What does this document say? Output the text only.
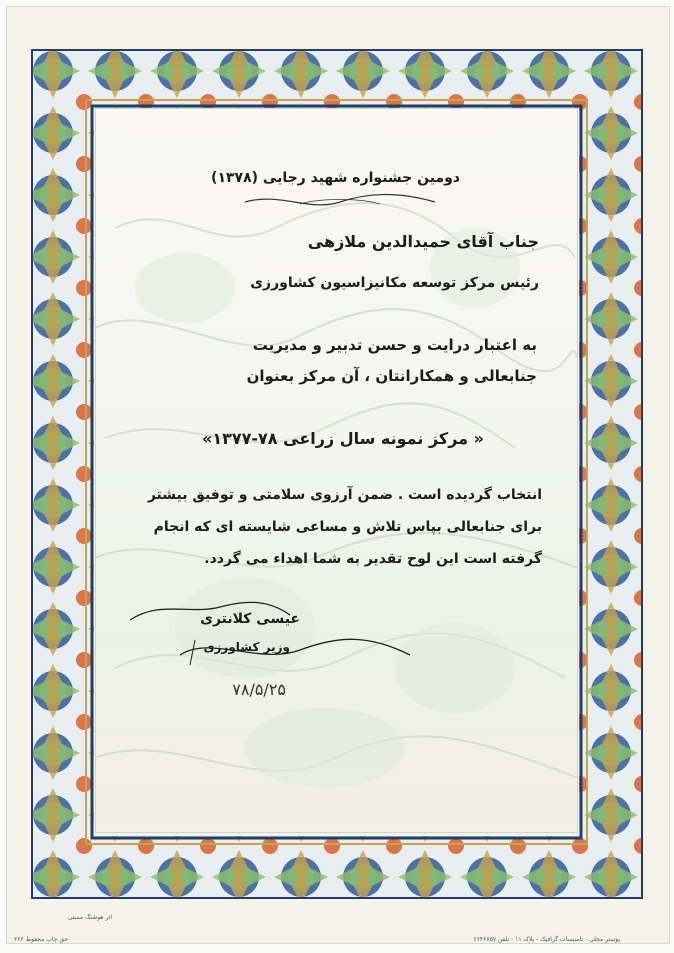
دومین جشنواره شهید رجایی (۱۳۷۸)
جناب آقای حمیدالدین ملازهی
رئیس مرکز توسعه مکانیزاسیون کشاورزی
به اعتبار درایت و حسن تدبیر و مدیریت
جنابعالی و همکارانتان ، آن مرکز بعنوان
« مرکز نمونه سال زراعی ۷۸-۱۳۷۷»
انتخاب گردیده است . ضمن آرزوی سلامتی و توفیق بیشتر
برای جنابعالی بپاس تلاش و مساعی شایسته ای که انجام
گرفته است این لوح تقدیر به شما اهداء می گردد.
عیسی کلانتری
وزیر کشاورزی
۷۸/۵/۲۵
اثر هوشنگ مستی
پوستر مجلی - تاسیسات گرافیک - پلاک ۱۱ - تلفن ۶۶۴۶۶۵۷
حق چاپ محفوظ ۲۶۲
